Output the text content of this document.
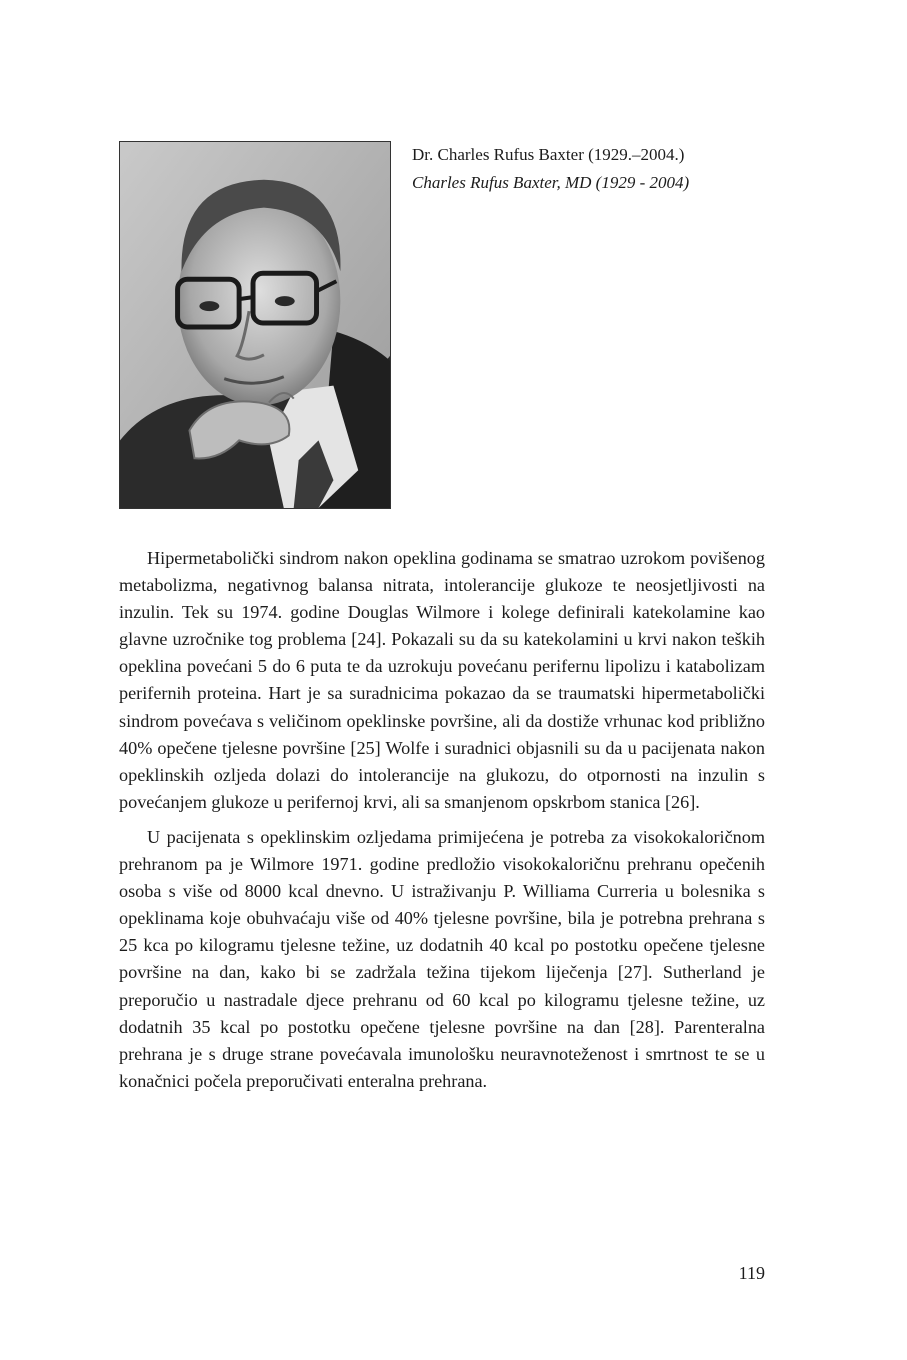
Dr. Charles Rufus Baxter (1929.–2004.)
Charles Rufus Baxter, MD (1929 - 2004)

Hipermetabolički sindrom nakon opeklina godinama se smatrao uzrokom povišenog metabolizma, negativnog balansa nitrata, intolerancije glukoze te neosjetljivosti na inzulin. Tek su 1974. godine Douglas Wilmore i kolege definirali katekolamine kao glavne uzročnike tog problema [24]. Pokazali su da su katekolamini u krvi nakon teških opeklina povećani 5 do 6 puta te da uzrokuju povećanu perifernu lipolizu i katabolizam perifernih proteina. Hart je sa suradnicima pokazao da se traumatski hipermetabolički sindrom povećava s veličinom opeklinske površine, ali da dostiže vrhunac kod približno 40% opečene tjelesne površine [25] Wolfe i suradnici objasnili su da u pacijenata nakon opeklinskih ozljeda dolazi do intolerancije na glukozu, do otpornosti na inzulin s povećanjem glukoze u perifernoj krvi, ali sa smanjenom opskrbom stanica [26].

U pacijenata s opeklinskim ozljedama primijećena je potreba za visokokaloričnom prehranom pa je Wilmore 1971. godine predložio visokokaloričnu prehranu opečenih osoba s više od 8000 kcal dnevno. U istraživanju P. Williama Curreria u bolesnika s opeklinama koje obuhvaćaju više od 40% tjelesne površine, bila je potrebna prehrana s 25 kca po kilogramu tjelesne težine, uz dodatnih 40 kcal po postotku opečene tjelesne površine na dan, kako bi se zadržala težina tijekom liječenja [27]. Sutherland je preporučio u nastradale djece prehranu od 60 kcal po kilogramu tjelesne težine, uz dodatnih 35 kcal po postotku opečene tjelesne površine na dan [28]. Parenteralna prehrana je s druge strane povećavala imunološku neuravnoteženost i smrtnost te se u konačnici počela preporučivati enteralna prehrana.

119
